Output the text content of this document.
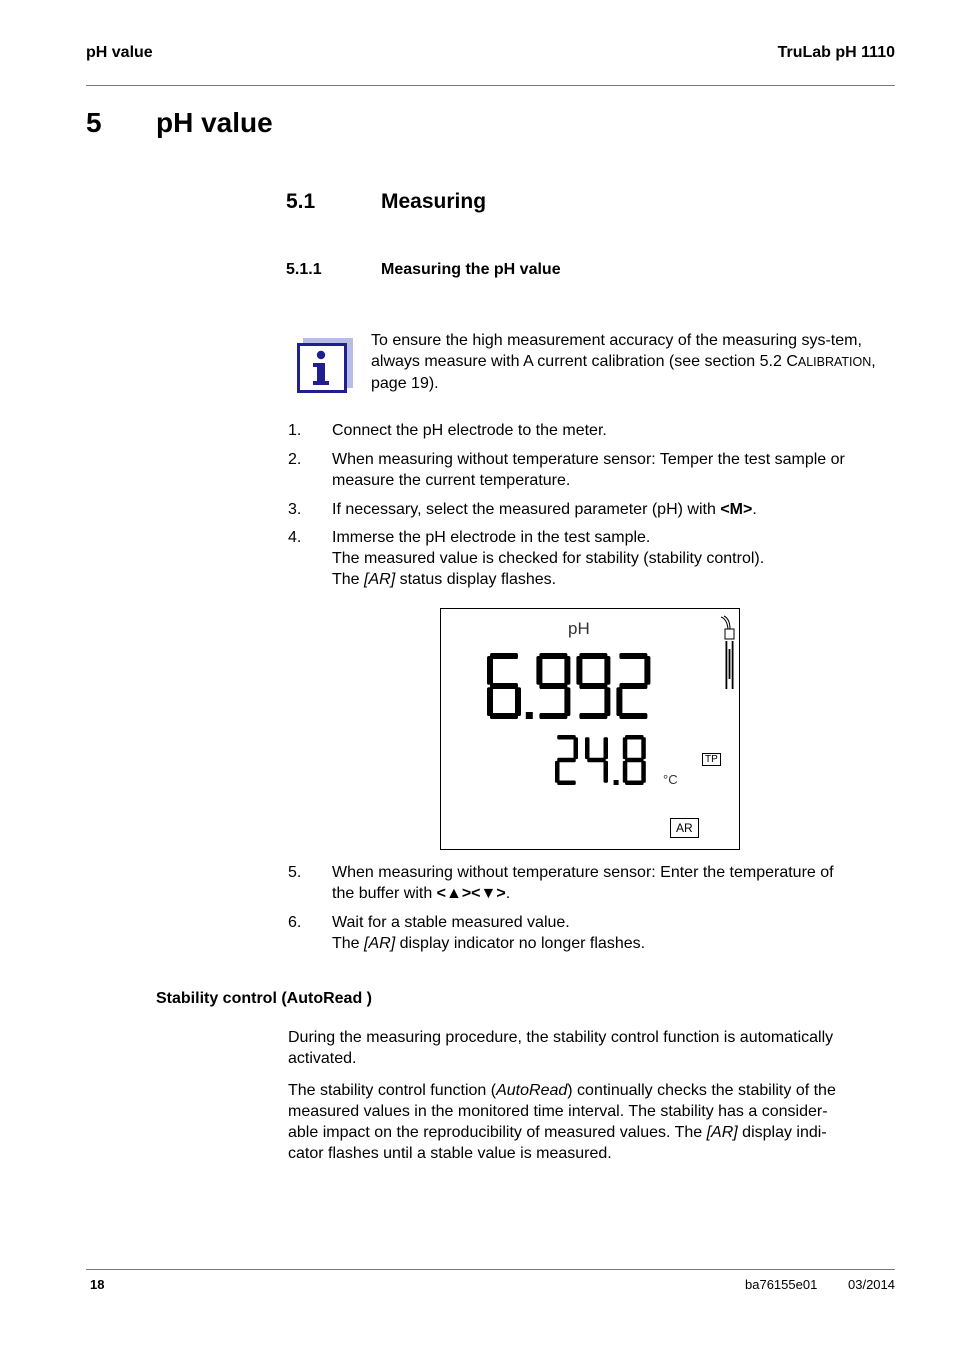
pH value	TruLab pH 1110
5 pH value
5.1	Measuring
5.1.1	Measuring the pH value
To ensure the high measurement accuracy of the measuring sys-tem, always measure with A current calibration (see section 5.2 CALIBRATION, page 19).
1. Connect the pH electrode to the meter.
2. When measuring without temperature sensor: Temper the test sample or
measure the current temperature.
3. If necessary, select the measured parameter (pH) with <M>.
4. Immerse the pH electrode in the test sample.
The measured value is checked for stability (stability control).
The [AR] status display flashes.
pH
°C
TP
AR
5. When measuring without temperature sensor: Enter the temperature of
the buffer with <▲><▼>.
6. Wait for a stable measured value.
The [AR] display indicator no longer flashes.
Stability control (AutoRead )
During the measuring procedure, the stability control function is automatically
activated.
The stability control function (AutoRead) continually checks the stability of the
measured values in the monitored time interval. The stability has a consider-
able impact on the reproducibility of measured values. The [AR] display indi-
cator flashes until a stable value is measured.
18	ba76155e01 03/2014
